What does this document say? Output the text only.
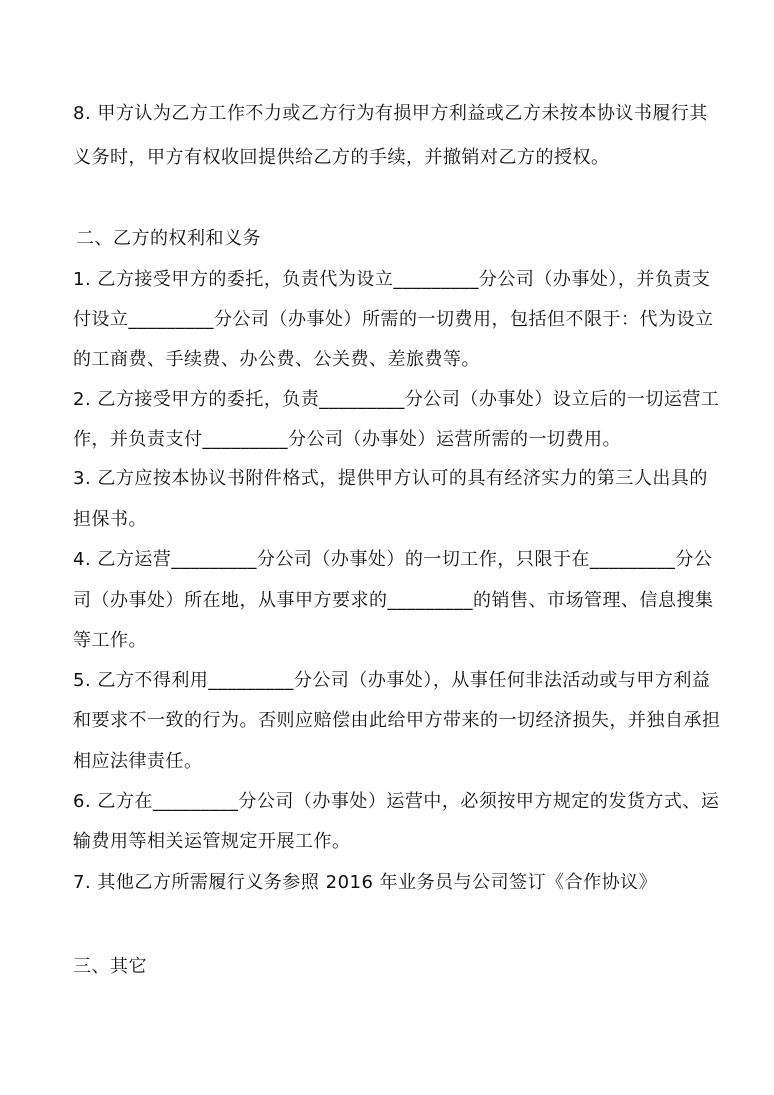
8. 甲方认为乙方工作不力或乙方行为有损甲方利益或乙方未按本协议书履行其
义务时，甲方有权收回提供给乙方的手续，并撤销对乙方的授权。
二、乙方的权利和义务
1. 乙方接受甲方的委托，负责代为设立_________分公司（办事处），并负责支
付设立_________分公司（办事处）所需的一切费用，包括但不限于：代为设立
的工商费、手续费、办公费、公关费、差旅费等。
2. 乙方接受甲方的委托，负责_________分公司（办事处）设立后的一切运营工
作，并负责支付_________分公司（办事处）运营所需的一切费用。
3. 乙方应按本协议书附件格式，提供甲方认可的具有经济实力的第三人出具的
担保书。
4. 乙方运营_________分公司（办事处）的一切工作，只限于在_________分公
司（办事处）所在地，从事甲方要求的_________的销售、市场管理、信息搜集
等工作。
5. 乙方不得利用_________分公司（办事处），从事任何非法活动或与甲方利益
和要求不一致的行为。否则应赔偿由此给甲方带来的一切经济损失，并独自承担
相应法律责任。
6. 乙方在_________分公司（办事处）运营中，必须按甲方规定的发货方式、运
输费用等相关运管规定开展工作。
7. 其他乙方所需履行义务参照 2016 年业务员与公司签订《合作协议》
三、其它
